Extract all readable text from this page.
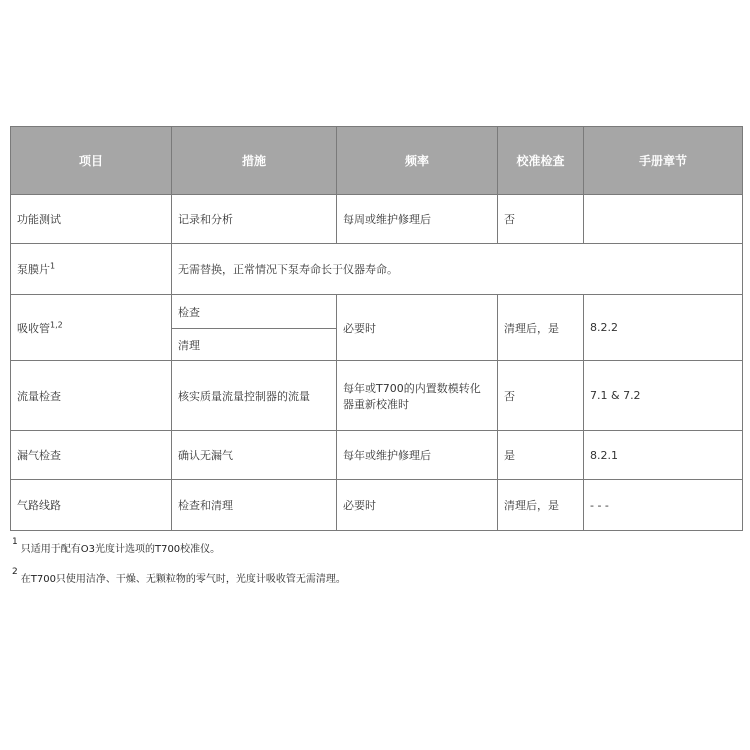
项目	措施	频率	校准检查	手册章节
功能测试	记录和分析	每周或维护修理后	否	
泵膜片$^1$	无需替换，正常情况下泵寿命长于仪器寿命。			
吸收管$^{1,2}$	检查	必要时	清理后，是	8.2.2
	清理			
流量检查	核实质量流量控制器的流量	每年或T700的内置数模转化器重新校准时	否	7.1 & 7.2
漏气检查	确认无漏气	每年或维护修理后	是	8.2.1
气路线路	检查和清理	必要时	清理后，是	- - -
1
只适用于配有O3光度计选项的T700校准仪。
2
在T700只使用洁净、干燥、无颗粒物的零气时，光度计吸收管无需清理。
